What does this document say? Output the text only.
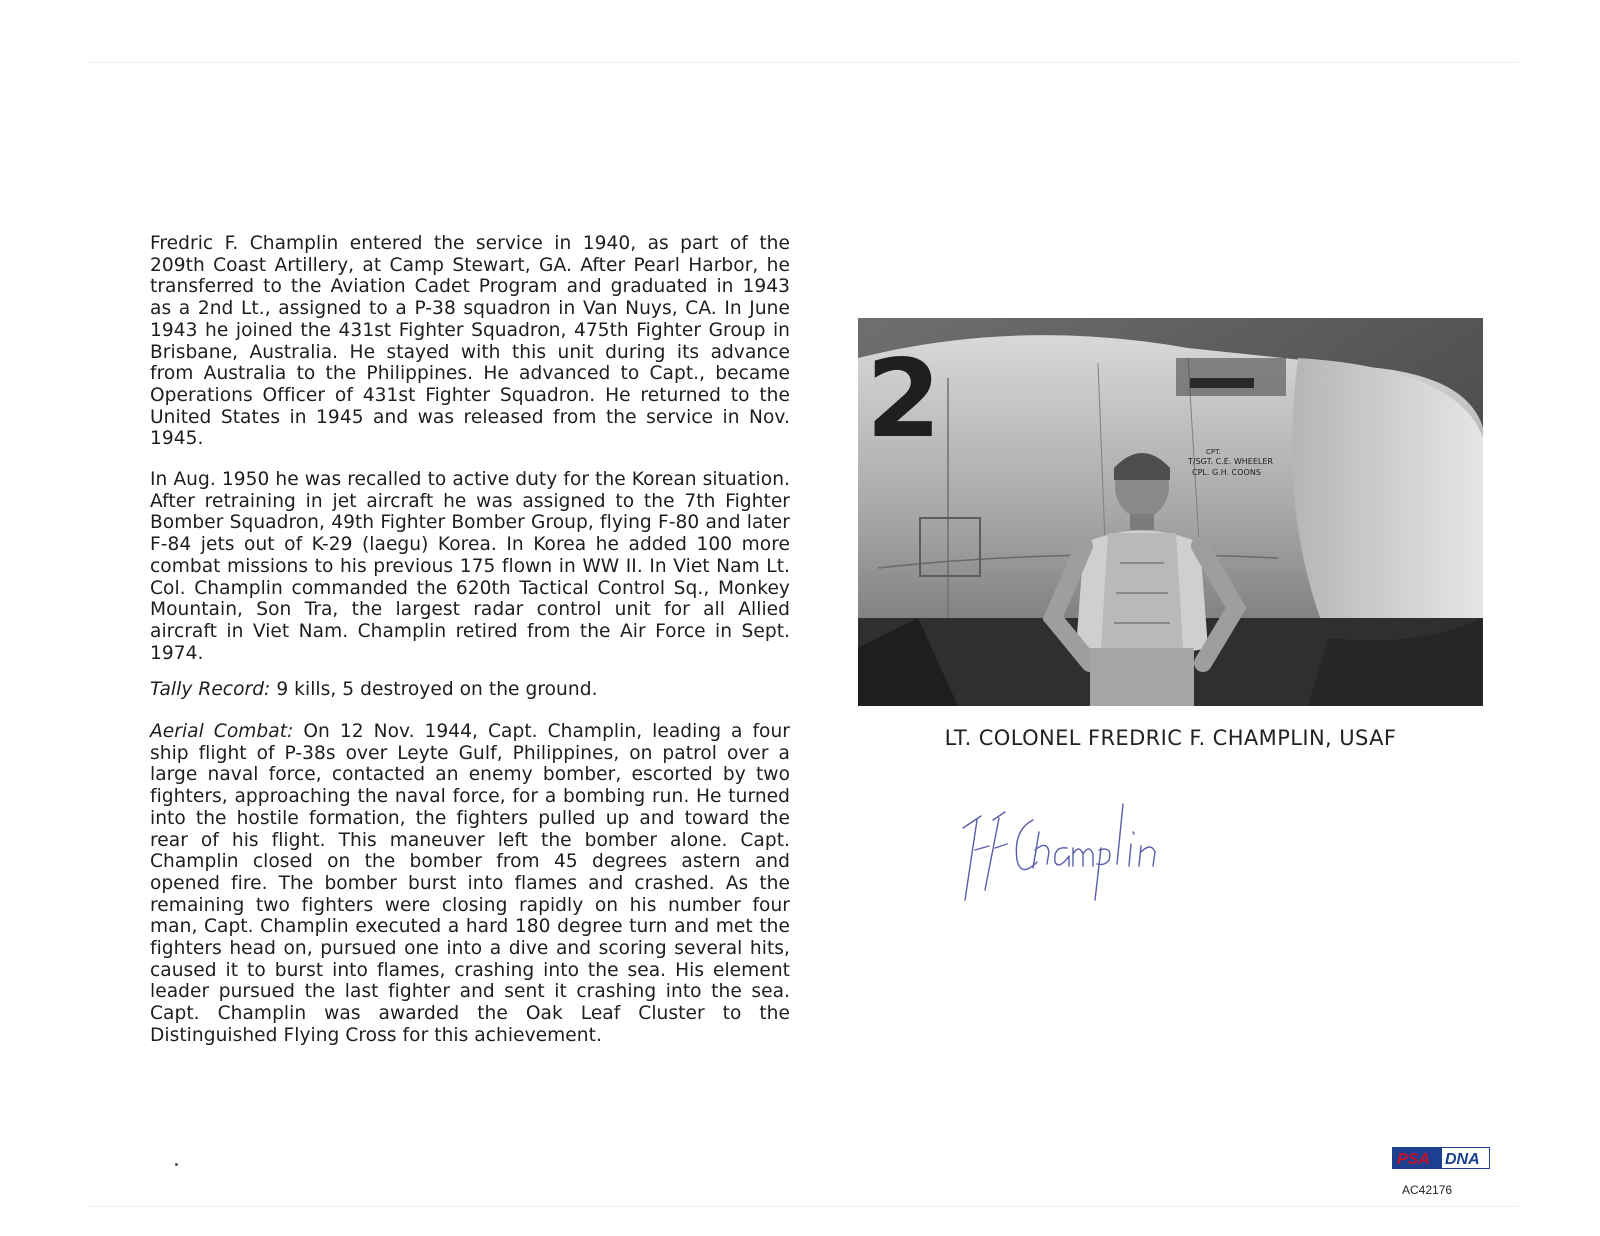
Fredric F. Champlin entered the service in 1940, as part of the 209th Coast Artillery, at Camp Stewart, GA. After Pearl Harbor, he transferred to the Aviation Cadet Program and graduated in 1943 as a 2nd Lt., assigned to a P-38 squadron in Van Nuys, CA. In June 1943 he joined the 431st Fighter Squadron, 475th Fighter Group in Brisbane, Australia. He stayed with this unit during its advance from Australia to the Philippines. He advanced to Capt., became Operations Officer of 431st Fighter Squadron. He returned to the United States in 1945 and was released from the service in Nov. 1945.

In Aug. 1950 he was recalled to active duty for the Korean situation. After retraining in jet aircraft he was assigned to the 7th Fighter Bomber Squadron, 49th Fighter Bomber Group, flying F-80 and later F-84 jets out of K-29 (laegu) Korea. In Korea he added 100 more combat missions to his previous 175 flown in WW II. In Viet Nam Lt. Col. Champlin commanded the 620th Tactical Control Sq., Monkey Mountain, Son Tra, the largest radar control unit for all Allied aircraft in Viet Nam. Champlin retired from the Air Force in Sept. 1974.

Tally Record: 9 kills, 5 destroyed on the ground.

Aerial Combat: On 12 Nov. 1944, Capt. Champlin, leading a four ship flight of P-38s over Leyte Gulf, Philippines, on patrol over a large naval force, contacted an enemy bomber, escorted by two fighters, approaching the naval force, for a bombing run. He turned into the hostile formation, the fighters pulled up and toward the rear of his flight. This maneuver left the bomber alone. Capt. Champlin closed on the bomber from 45 degrees astern and opened fire. The bomber burst into flames and crashed. As the remaining two fighters were closing rapidly on his number four man, Capt. Champlin executed a hard 180 degree turn and met the fighters head on, pursued one into a dive and scoring several hits, caused it to burst into flames, crashing into the sea. His element leader pursued the last fighter and sent it crashing into the sea. Capt. Champlin was awarded the Oak Leaf Cluster to the Distinguished Flying Cross for this achievement.

2	CPT.
T/SGT. C.E. WHEELER
CPL. G.H. COONS
LT. COLONEL FREDRIC F. CHAMPLIN, USAF
PSA DNA
AC42176
